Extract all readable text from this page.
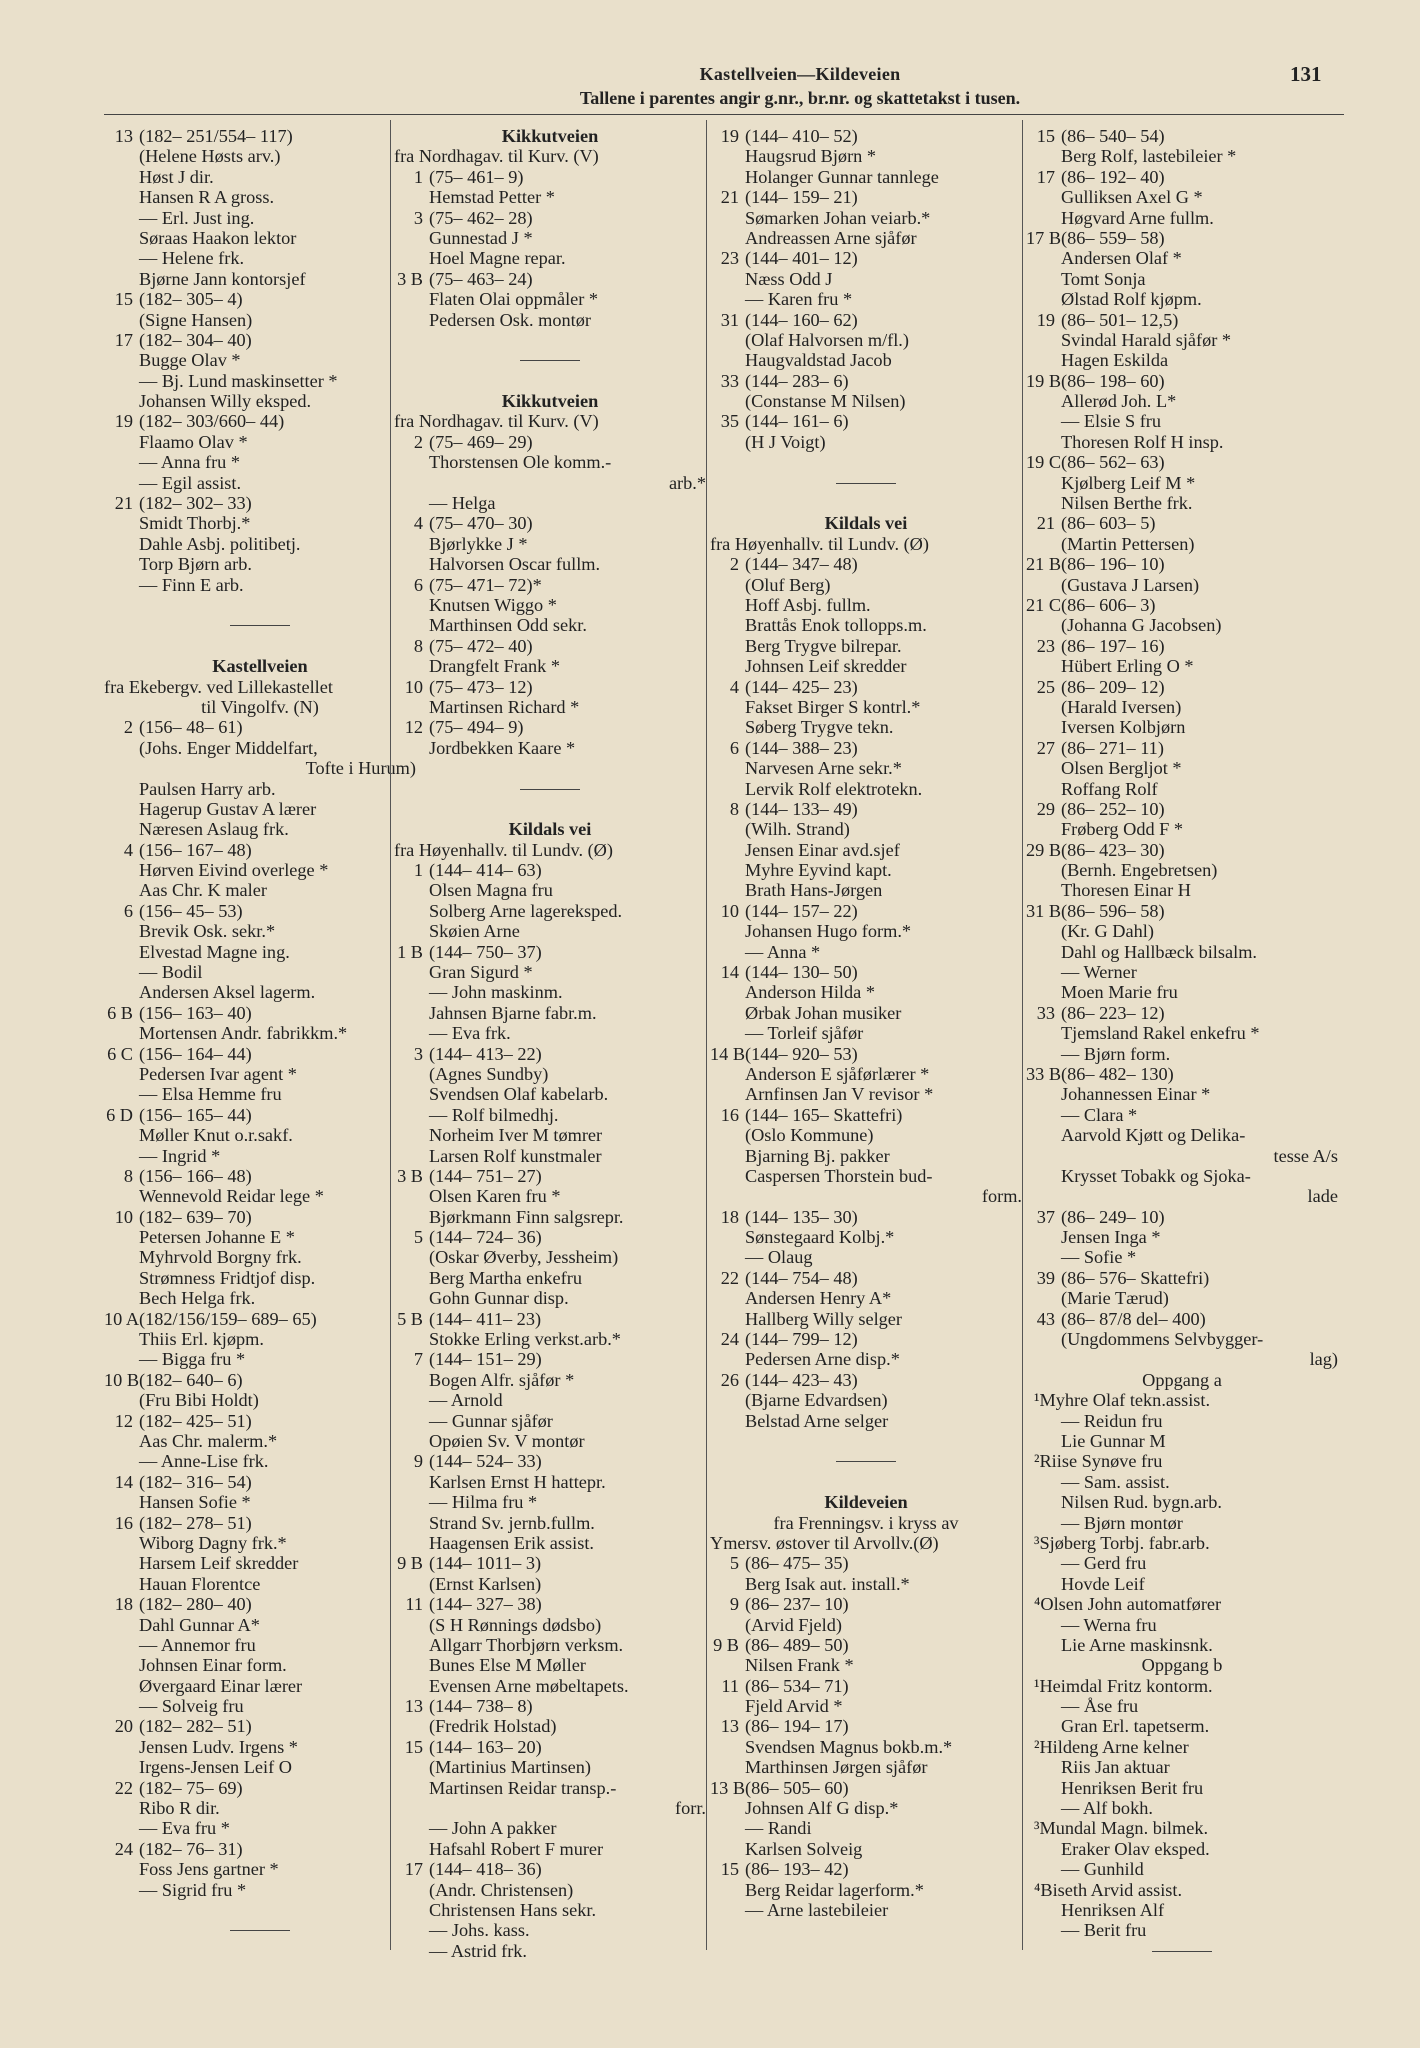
Kastellveien—Kildeveien
Tallene i parentes angir g.nr., br.nr. og skattetakst i tusen.
131
13 (182– 251/554– 117)
(Helene Høsts arv.)
Høst J dir.
Hansen R A gross.
— Erl. Just ing.
Søraas Haakon lektor
— Helene frk.
Bjørne Jann kontorsjef
15 (182– 305– 4)
(Signe Hansen)
17 (182– 304– 40)
Bugge Olav *
— Bj. Lund maskinsetter *
Johansen Willy eksped.
19 (182– 303/660– 44)
Flaamo Olav *
— Anna fru *
— Egil assist.
21 (182– 302– 33)
Smidt Thorbj.*
Dahle Asbj. politibetj.
Torp Bjørn arb.
— Finn E arb.
Kastellveien
fra Ekebergv. ved Lillekastellet
til Vingolfv. (N)
2 (156– 48– 61)
(Johs. Enger Middelfart,
Tofte i Hurum)
Paulsen Harry arb.
Hagerup Gustav A lærer
Næresen Aslaug frk.
4 (156– 167– 48)
Hørven Eivind overlege *
Aas Chr. K maler
6 (156– 45– 53)
Brevik Osk. sekr.*
Elvestad Magne ing.
— Bodil
Andersen Aksel lagerm.
6 B (156– 163– 40)
Mortensen Andr. fabrikkm.*
6 C (156– 164– 44)
Pedersen Ivar agent *
— Elsa Hemme fru
6 D (156– 165– 44)
Møller Knut o.r.sakf.
— Ingrid *
8 (156– 166– 48)
Wennevold Reidar lege *
10 (182– 639– 70)
Petersen Johanne E *
Myhrvold Borgny frk.
Strømness Fridtjof disp.
Bech Helga frk.
10 A(182/156/159– 689– 65)
Thiis Erl. kjøpm.
— Bigga fru *
10 B(182– 640– 6)
(Fru Bibi Holdt)
12 (182– 425– 51)
Aas Chr. malerm.*
— Anne-Lise frk.
14 (182– 316– 54)
Hansen Sofie *
16 (182– 278– 51)
Wiborg Dagny frk.*
Harsem Leif skredder
Hauan Florentce
18 (182– 280– 40)
Dahl Gunnar A*
— Annemor fru
Johnsen Einar form.
Øvergaard Einar lærer
— Solveig fru
20 (182– 282– 51)
Jensen Ludv. Irgens *
Irgens-Jensen Leif O
22 (182– 75– 69)
Ribo R dir.
— Eva fru *
24 (182– 76– 31)
Foss Jens gartner *
— Sigrid fru *
Kikkutveien
fra Nordhagav. til Kurv. (V)
1 (75– 461– 9)
Hemstad Petter *
3 (75– 462– 28)
Gunnestad J *
Hoel Magne repar.
3 B (75– 463– 24)
Flaten Olai oppmåler *
Pedersen Osk. montør
Kikkutveien
fra Nordhagav. til Kurv. (V)
2 (75– 469– 29)
Thorstensen Ole komm.-
arb.*
— Helga
4 (75– 470– 30)
Bjørlykke J *
Halvorsen Oscar fullm.
6 (75– 471– 72)*
Knutsen Wiggo *
Marthinsen Odd sekr.
8 (75– 472– 40)
Drangfelt Frank *
10 (75– 473– 12)
Martinsen Richard *
12 (75– 494– 9)
Jordbekken Kaare *
Kildals vei
fra Høyenhallv. til Lundv. (Ø)
1 (144– 414– 63)
Olsen Magna fru
Solberg Arne lagereksped.
Skøien Arne
1 B (144– 750– 37)
Gran Sigurd *
— John maskinm.
Jahnsen Bjarne fabr.m.
— Eva frk.
3 (144– 413– 22)
(Agnes Sundby)
Svendsen Olaf kabelarb.
— Rolf bilmedhj.
Norheim Iver M tømrer
Larsen Rolf kunstmaler
3 B (144– 751– 27)
Olsen Karen fru *
Bjørkmann Finn salgsrepr.
5 (144– 724– 36)
(Oskar Øverby, Jessheim)
Berg Martha enkefru
Gohn Gunnar disp.
5 B (144– 411– 23)
Stokke Erling verkst.arb.*
7 (144– 151– 29)
Bogen Alfr. sjåfør *
— Arnold
— Gunnar sjåfør
Opøien Sv. V montør
9 (144– 524– 33)
Karlsen Ernst H hattepr.
— Hilma fru *
Strand Sv. jernb.fullm.
Haagensen Erik assist.
9 B (144– 1011– 3)
(Ernst Karlsen)
11 (144– 327– 38)
(S H Rønnings dødsbo)
Allgarr Thorbjørn verksm.
Bunes Else M Møller
Evensen Arne møbeltapets.
13 (144– 738– 8)
(Fredrik Holstad)
15 (144– 163– 20)
(Martinius Martinsen)
Martinsen Reidar transp.-
forr.
— John A pakker
Hafsahl Robert F murer
17 (144– 418– 36)
(Andr. Christensen)
Christensen Hans sekr.
— Johs. kass.
— Astrid frk.
19 (144– 410– 52)
Haugsrud Bjørn *
Holanger Gunnar tannlege
21 (144– 159– 21)
Sømarken Johan veiarb.*
Andreassen Arne sjåfør
23 (144– 401– 12)
Næss Odd J
— Karen fru *
31 (144– 160– 62)
(Olaf Halvorsen m/fl.)
Haugvaldstad Jacob
33 (144– 283– 6)
(Constanse M Nilsen)
35 (144– 161– 6)
(H J Voigt)
Kildals vei
fra Høyenhallv. til Lundv. (Ø)
2 (144– 347– 48)
(Oluf Berg)
Hoff Asbj. fullm.
Brattås Enok tollopps.m.
Berg Trygve bilrepar.
Johnsen Leif skredder
4 (144– 425– 23)
Fakset Birger S kontrl.*
Søberg Trygve tekn.
6 (144– 388– 23)
Narvesen Arne sekr.*
Lervik Rolf elektrotekn.
8 (144– 133– 49)
(Wilh. Strand)
Jensen Einar avd.sjef
Myhre Eyvind kapt.
Brath Hans-Jørgen
10 (144– 157– 22)
Johansen Hugo form.*
— Anna *
14 (144– 130– 50)
Anderson Hilda *
Ørbak Johan musiker
— Torleif sjåfør
14 B(144– 920– 53)
Anderson E sjåførlærer *
Arnfinsen Jan V revisor *
16 (144– 165– Skattefri)
(Oslo Kommune)
Bjarning Bj. pakker
Caspersen Thorstein bud-
form.
18 (144– 135– 30)
Sønstegaard Kolbj.*
— Olaug
22 (144– 754– 48)
Andersen Henry A*
Hallberg Willy selger
24 (144– 799– 12)
Pedersen Arne disp.*
26 (144– 423– 43)
(Bjarne Edvardsen)
Belstad Arne selger
Kildeveien
fra Frenningsv. i kryss av
Ymersv. østover til Arvollv.(Ø)
5 (86– 475– 35)
Berg Isak aut. install.*
9 (86– 237– 10)
(Arvid Fjeld)
9 B (86– 489– 50)
Nilsen Frank *
11 (86– 534– 71)
Fjeld Arvid *
13 (86– 194– 17)
Svendsen Magnus bokb.m.*
Marthinsen Jørgen sjåfør
13 B(86– 505– 60)
Johnsen Alf G disp.*
— Randi
Karlsen Solveig
15 (86– 193– 42)
Berg Reidar lagerform.*
— Arne lastebileier
15 (86– 540– 54)
Berg Rolf, lastebileier *
17 (86– 192– 40)
Gulliksen Axel G *
Høgvard Arne fullm.
17 B(86– 559– 58)
Andersen Olaf *
Tomt Sonja
Ølstad Rolf kjøpm.
19 (86– 501– 12,5)
Svindal Harald sjåfør *
Hagen Eskilda
19 B(86– 198– 60)
Allerød Joh. L*
— Elsie S fru
Thoresen Rolf H insp.
19 C(86– 562– 63)
Kjølberg Leif M *
Nilsen Berthe frk.
21 (86– 603– 5)
(Martin Pettersen)
21 B(86– 196– 10)
(Gustava J Larsen)
21 C(86– 606– 3)
(Johanna G Jacobsen)
23 (86– 197– 16)
Hübert Erling O *
25 (86– 209– 12)
(Harald Iversen)
Iversen Kolbjørn
27 (86– 271– 11)
Olsen Bergljot *
Roffang Rolf
29 (86– 252– 10)
Frøberg Odd F *
29 B(86– 423– 30)
(Bernh. Engebretsen)
Thoresen Einar H
31 B(86– 596– 58)
(Kr. G Dahl)
Dahl og Hallbæck bilsalm.
— Werner
Moen Marie fru
33 (86– 223– 12)
Tjemsland Rakel enkefru *
— Bjørn form.
33 B(86– 482– 130)
Johannessen Einar *
— Clara *
Aarvold Kjøtt og Delika-
tesse A/s
Krysset Tobakk og Sjoka-
lade
37 (86– 249– 10)
Jensen Inga *
— Sofie *
39 (86– 576– Skattefri)
(Marie Tærud)
43 (86– 87/8 del– 400)
(Ungdommens Selvbygger-
lag)
Oppgang a
¹Myhre Olaf tekn.assist.
— Reidun fru
Lie Gunnar M
²Riise Synøve fru
— Sam. assist.
Nilsen Rud. bygn.arb.
— Bjørn montør
³Sjøberg Torbj. fabr.arb.
— Gerd fru
Hovde Leif
⁴Olsen John automatfører
— Werna fru
Lie Arne maskinsnk.
Oppgang b
¹Heimdal Fritz kontorm.
— Åse fru
Gran Erl. tapetserm.
²Hildeng Arne kelner
Riis Jan aktuar
Henriksen Berit fru
— Alf bokh.
³Mundal Magn. bilmek.
Eraker Olav eksped.
— Gunhild
⁴Biseth Arvid assist.
Henriksen Alf
— Berit fru
